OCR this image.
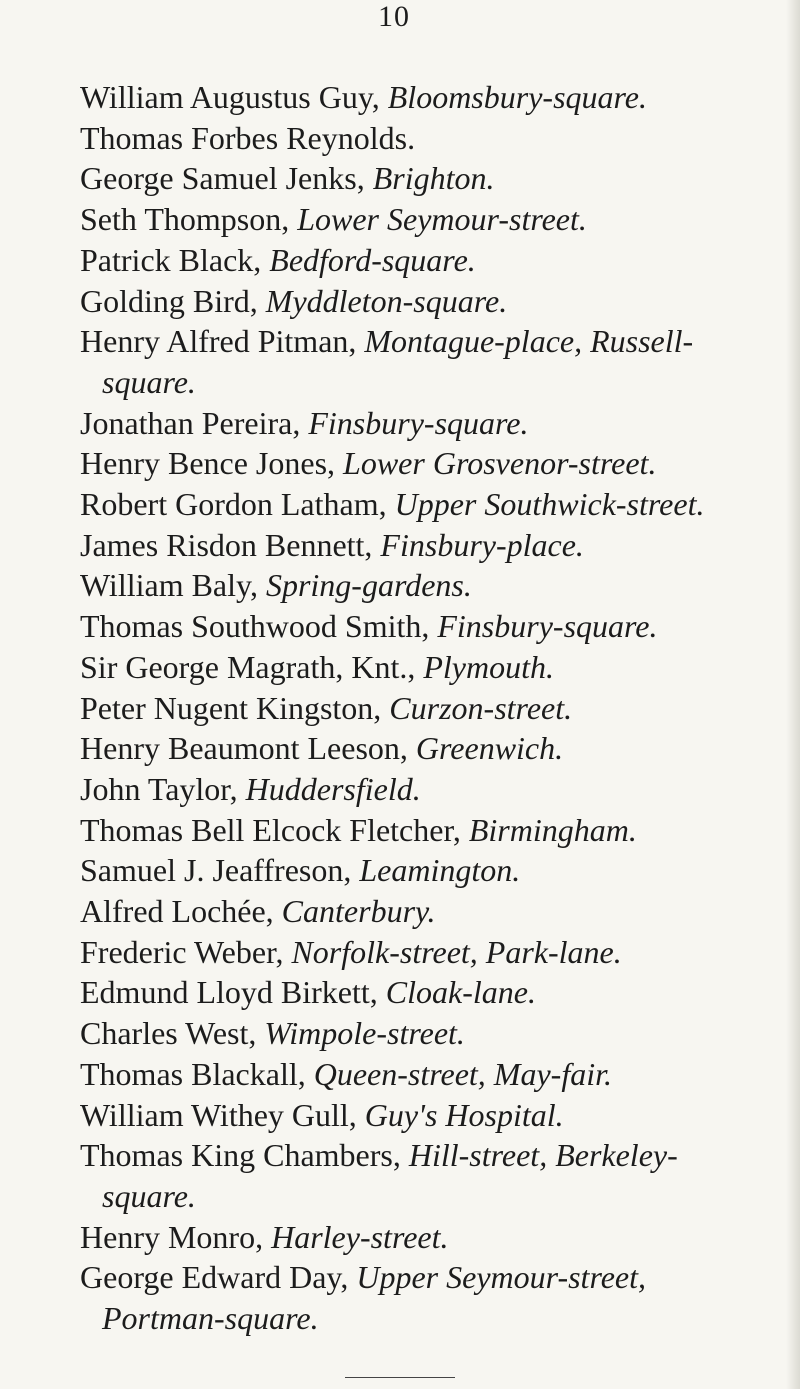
10
William Augustus Guy, Bloomsbury-square.
Thomas Forbes Reynolds.
George Samuel Jenks, Brighton.
Seth Thompson, Lower Seymour-street.
Patrick Black, Bedford-square.
Golding Bird, Myddleton-square.
Henry Alfred Pitman, Montague-place, Russell-square.
Jonathan Pereira, Finsbury-square.
Henry Bence Jones, Lower Grosvenor-street.
Robert Gordon Latham, Upper Southwick-street.
James Risdon Bennett, Finsbury-place.
William Baly, Spring-gardens.
Thomas Southwood Smith, Finsbury-square.
Sir George Magrath, Knt., Plymouth.
Peter Nugent Kingston, Curzon-street.
Henry Beaumont Leeson, Greenwich.
John Taylor, Huddersfield.
Thomas Bell Elcock Fletcher, Birmingham.
Samuel J. Jeaffreson, Leamington.
Alfred Lochée, Canterbury.
Frederic Weber, Norfolk-street, Park-lane.
Edmund Lloyd Birkett, Cloak-lane.
Charles West, Wimpole-street.
Thomas Blackall, Queen-street, May-fair.
William Withey Gull, Guy's Hospital.
Thomas King Chambers, Hill-street, Berkeley-square.
Henry Monro, Harley-street.
George Edward Day, Upper Seymour-street, Portman-square.
